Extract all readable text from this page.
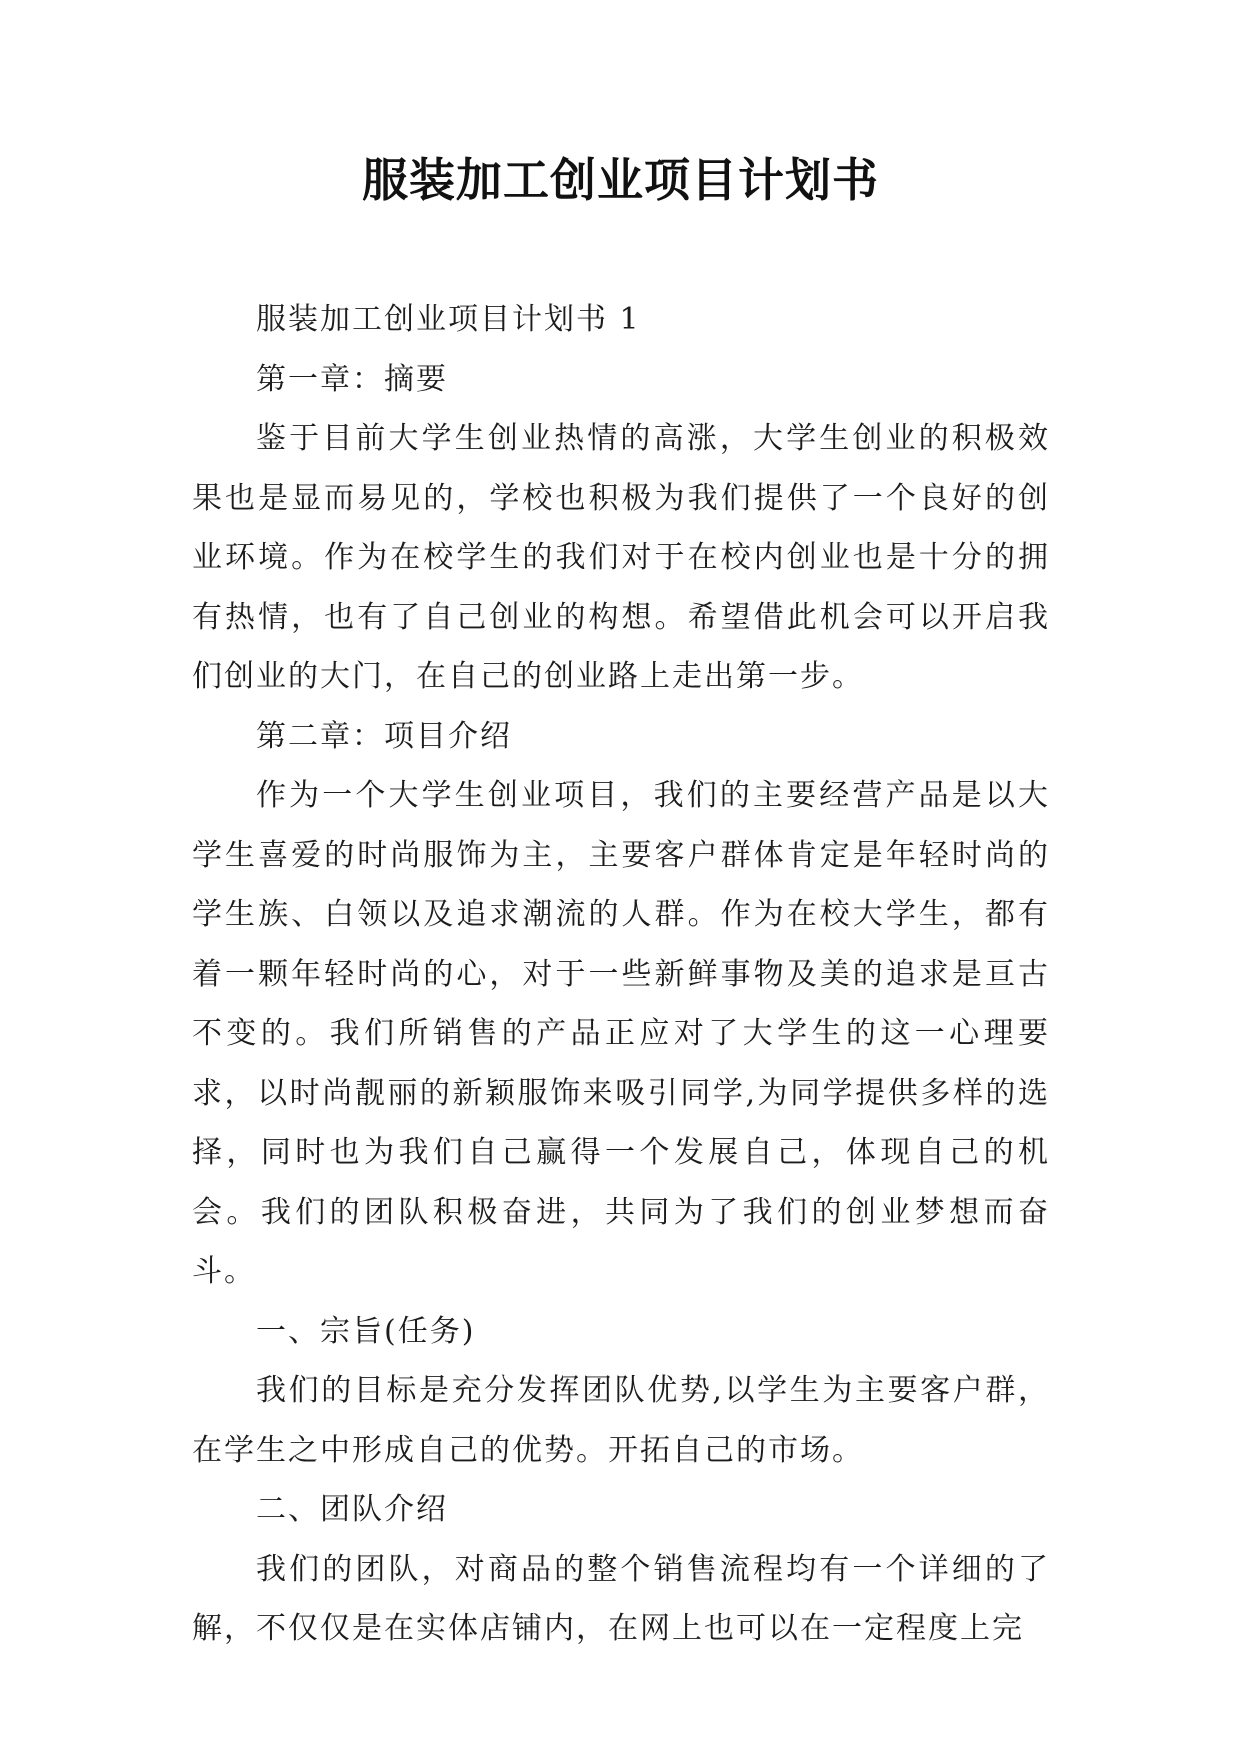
服装加工创业项目计划书

服装加工创业项目计划书 1

第一章：摘要

鉴于目前大学生创业热情的高涨，大学生创业的积极效果也是显而易见的，学校也积极为我们提供了一个良好的创业环境。作为在校学生的我们对于在校内创业也是十分的拥有热情，也有了自己创业的构想。希望借此机会可以开启我们创业的大门，在自己的创业路上走出第一步。

第二章：项目介绍

作为一个大学生创业项目，我们的主要经营产品是以大学生喜爱的时尚服饰为主，主要客户群体肯定是年轻时尚的学生族、白领以及追求潮流的人群。作为在校大学生，都有着一颗年轻时尚的心，对于一些新鲜事物及美的追求是亘古不变的。我们所销售的产品正应对了大学生的这一心理要求，以时尚靓丽的新颖服饰来吸引同学,为同学提供多样的选择，同时也为我们自己赢得一个发展自己，体现自己的机会。我们的团队积极奋进，共同为了我们的创业梦想而奋斗。

一、宗旨(任务)

我们的目标是充分发挥团队优势,以学生为主要客户群，在学生之中形成自己的优势。开拓自己的市场。

二、团队介绍

我们的团队，对商品的整个销售流程均有一个详细的了解，不仅仅是在实体店铺内，在网上也可以在一定程度上完
